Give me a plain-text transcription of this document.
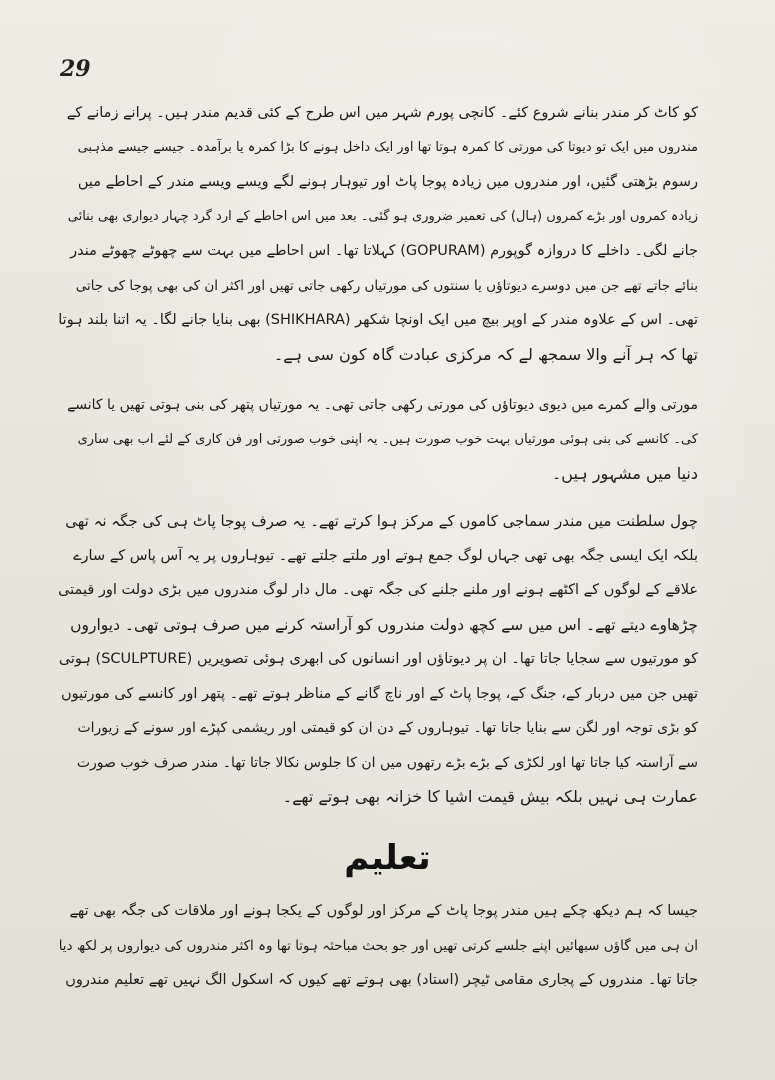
29
کو کاٹ کر مندر بنانے شروع کئے۔ کانچی پورم شہر میں اس طرح کے کئی قدیم مندر ہیں۔ پرانے زمانے کے
مندروں میں ایک تو دیوتا کی مورتی کا کمرہ ہوتا تھا اور ایک داخل ہونے کا بڑا کمرہ یا برآمدہ۔ جیسے جیسے مذہبی
رسوم بڑھتی گئیں، اور مندروں میں زیادہ پوجا پاٹ اور تیوہار ہونے لگے ویسے ویسے مندر کے احاطے میں
زیادہ کمروں اور بڑے کمروں (ہال) کی تعمیر ضروری ہو گئی۔ بعد میں اس احاطے کے ارد گرد چہار دیواری بھی بنائی
جانے لگی۔ داخلے کا دروازہ گوپورم (GOPURAM) کہلاتا تھا۔ اس احاطے میں بہت سے چھوٹے چھوٹے مندر
بنائے جاتے تھے جن میں دوسرے دیوتاؤں یا سنتوں کی مورتیاں رکھی جاتی تھیں اور اکثر ان کی بھی پوجا کی جاتی
تھی۔ اس کے علاوہ مندر کے اوپر بیچ میں ایک اونچا شکھر (SHIKHARA) بھی بنایا جانے لگا۔ یہ اتنا بلند ہوتا
تھا کہ ہر آنے والا سمجھ لے کہ مرکزی عبادت گاہ کون سی ہے۔
مورتی والے کمرے میں دیوی دیوتاؤں کی مورتی رکھی جاتی تھی۔ یہ مورتیاں پتھر کی بنی ہوتی تھیں یا کانسے
کی۔ کانسے کی بنی ہوئی مورتیاں بہت خوب صورت ہیں۔ یہ اپنی خوب صورتی اور فن کاری کے لئے اب بھی ساری
دنیا میں مشہور ہیں۔
چول سلطنت میں مندر سماجی کاموں کے مرکز ہوا کرتے تھے۔ یہ صرف پوجا پاٹ ہی کی جگہ نہ تھی
بلکہ ایک ایسی جگہ بھی تھی جہاں لوگ جمع ہوتے اور ملتے جلتے تھے۔ تیوہاروں پر یہ آس پاس کے سارے
علاقے کے لوگوں کے اکٹھے ہونے اور ملنے جلنے کی جگہ تھی۔ مال دار لوگ مندروں میں بڑی دولت اور قیمتی
چڑھاوے دیتے تھے۔ اس میں سے کچھ دولت مندروں کو آراستہ کرنے میں صرف ہوتی تھی۔ دیواروں
کو مورتیوں سے سجایا جاتا تھا۔ ان پر دیوتاؤں اور انسانوں کی ابھری ہوئی تصویریں (SCULPTURE) ہوتی
تھیں جن میں دربار کے، جنگ کے، پوجا پاٹ کے اور ناچ گانے کے مناظر ہوتے تھے۔ پتھر اور کانسے کی مورتیوں
کو بڑی توجہ اور لگن سے بنایا جاتا تھا۔ تیوہاروں کے دن ان کو قیمتی اور ریشمی کپڑے اور سونے کے زیورات
سے آراستہ کیا جاتا تھا اور لکڑی کے بڑے بڑے رتھوں میں ان کا جلوس نکالا جاتا تھا۔ مندر صرف خوب صورت
عمارت ہی نہیں بلکہ بیش قیمت اشیا کا خزانہ بھی ہوتے تھے۔
تعلیم
جیسا کہ ہم دیکھ چکے ہیں مندر پوجا پاٹ کے مرکز اور لوگوں کے یکجا ہونے اور ملاقات کی جگہ بھی تھے
ان ہی میں گاؤں سبھائیں اپنے جلسے کرتی تھیں اور جو بحث مباحثہ ہوتا تھا وہ اکثر مندروں کی دیواروں پر لکھ دیا
جاتا تھا۔ مندروں کے پجاری مقامی ٹیچر (استاد) بھی ہوتے تھے کیوں کہ اسکول الگ نہیں تھے تعلیم مندروں
